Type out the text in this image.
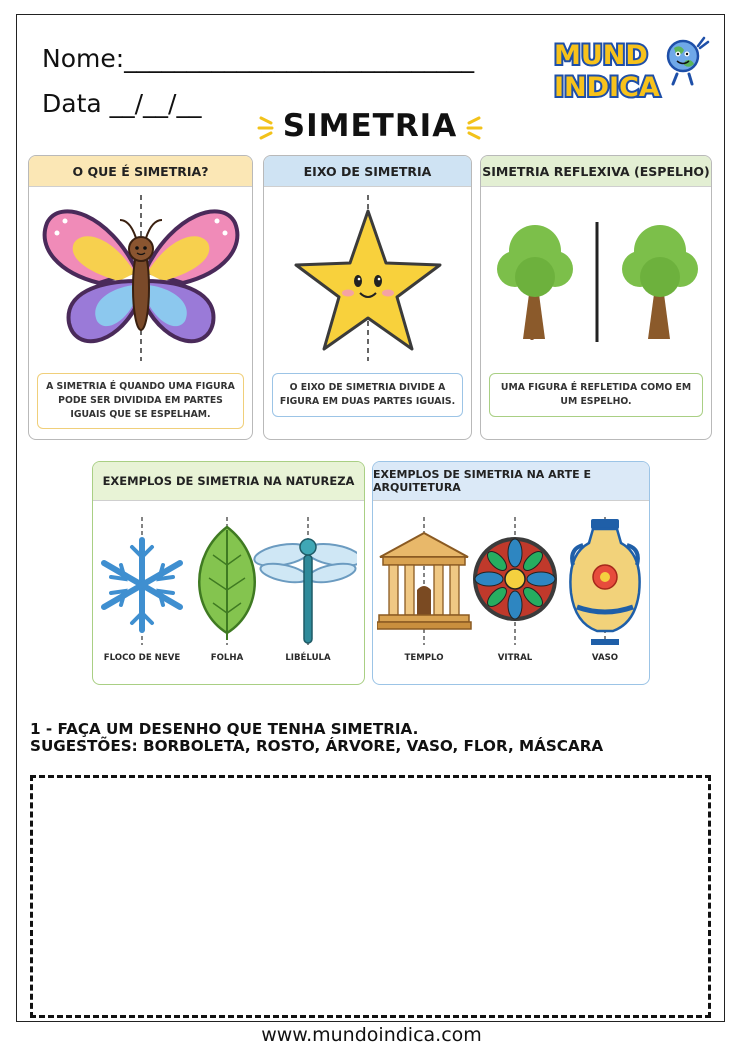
Nome:____________________________
Data __/__/__
MUND
INDICA
SIMETRIA
O QUE É SIMETRIA?
A SIMETRIA É QUANDO UMA FIGURA PODE SER DIVIDIDA EM PARTES IGUAIS QUE SE ESPELHAM.
EIXO DE SIMETRIA
O EIXO DE SIMETRIA DIVIDE A FIGURA EM DUAS PARTES IGUAIS.
SIMETRIA REFLEXIVA (ESPELHO)
UMA FIGURA É REFLETIDA COMO EM UM ESPELHO.
EXEMPLOS DE SIMETRIA NA NATUREZA
FLOCO DE NEVE	FOLHA	LIBÉLULA
EXEMPLOS DE SIMETRIA NA ARTE E ARQUITETURA
TEMPLO	VITRAL	VASO
1 - FAÇA UM DESENHO QUE TENHA SIMETRIA.
SUGESTÕES: BORBOLETA, ROSTO, ÁRVORE, VASO, FLOR, MÁSCARA
www.mundoindica.com
